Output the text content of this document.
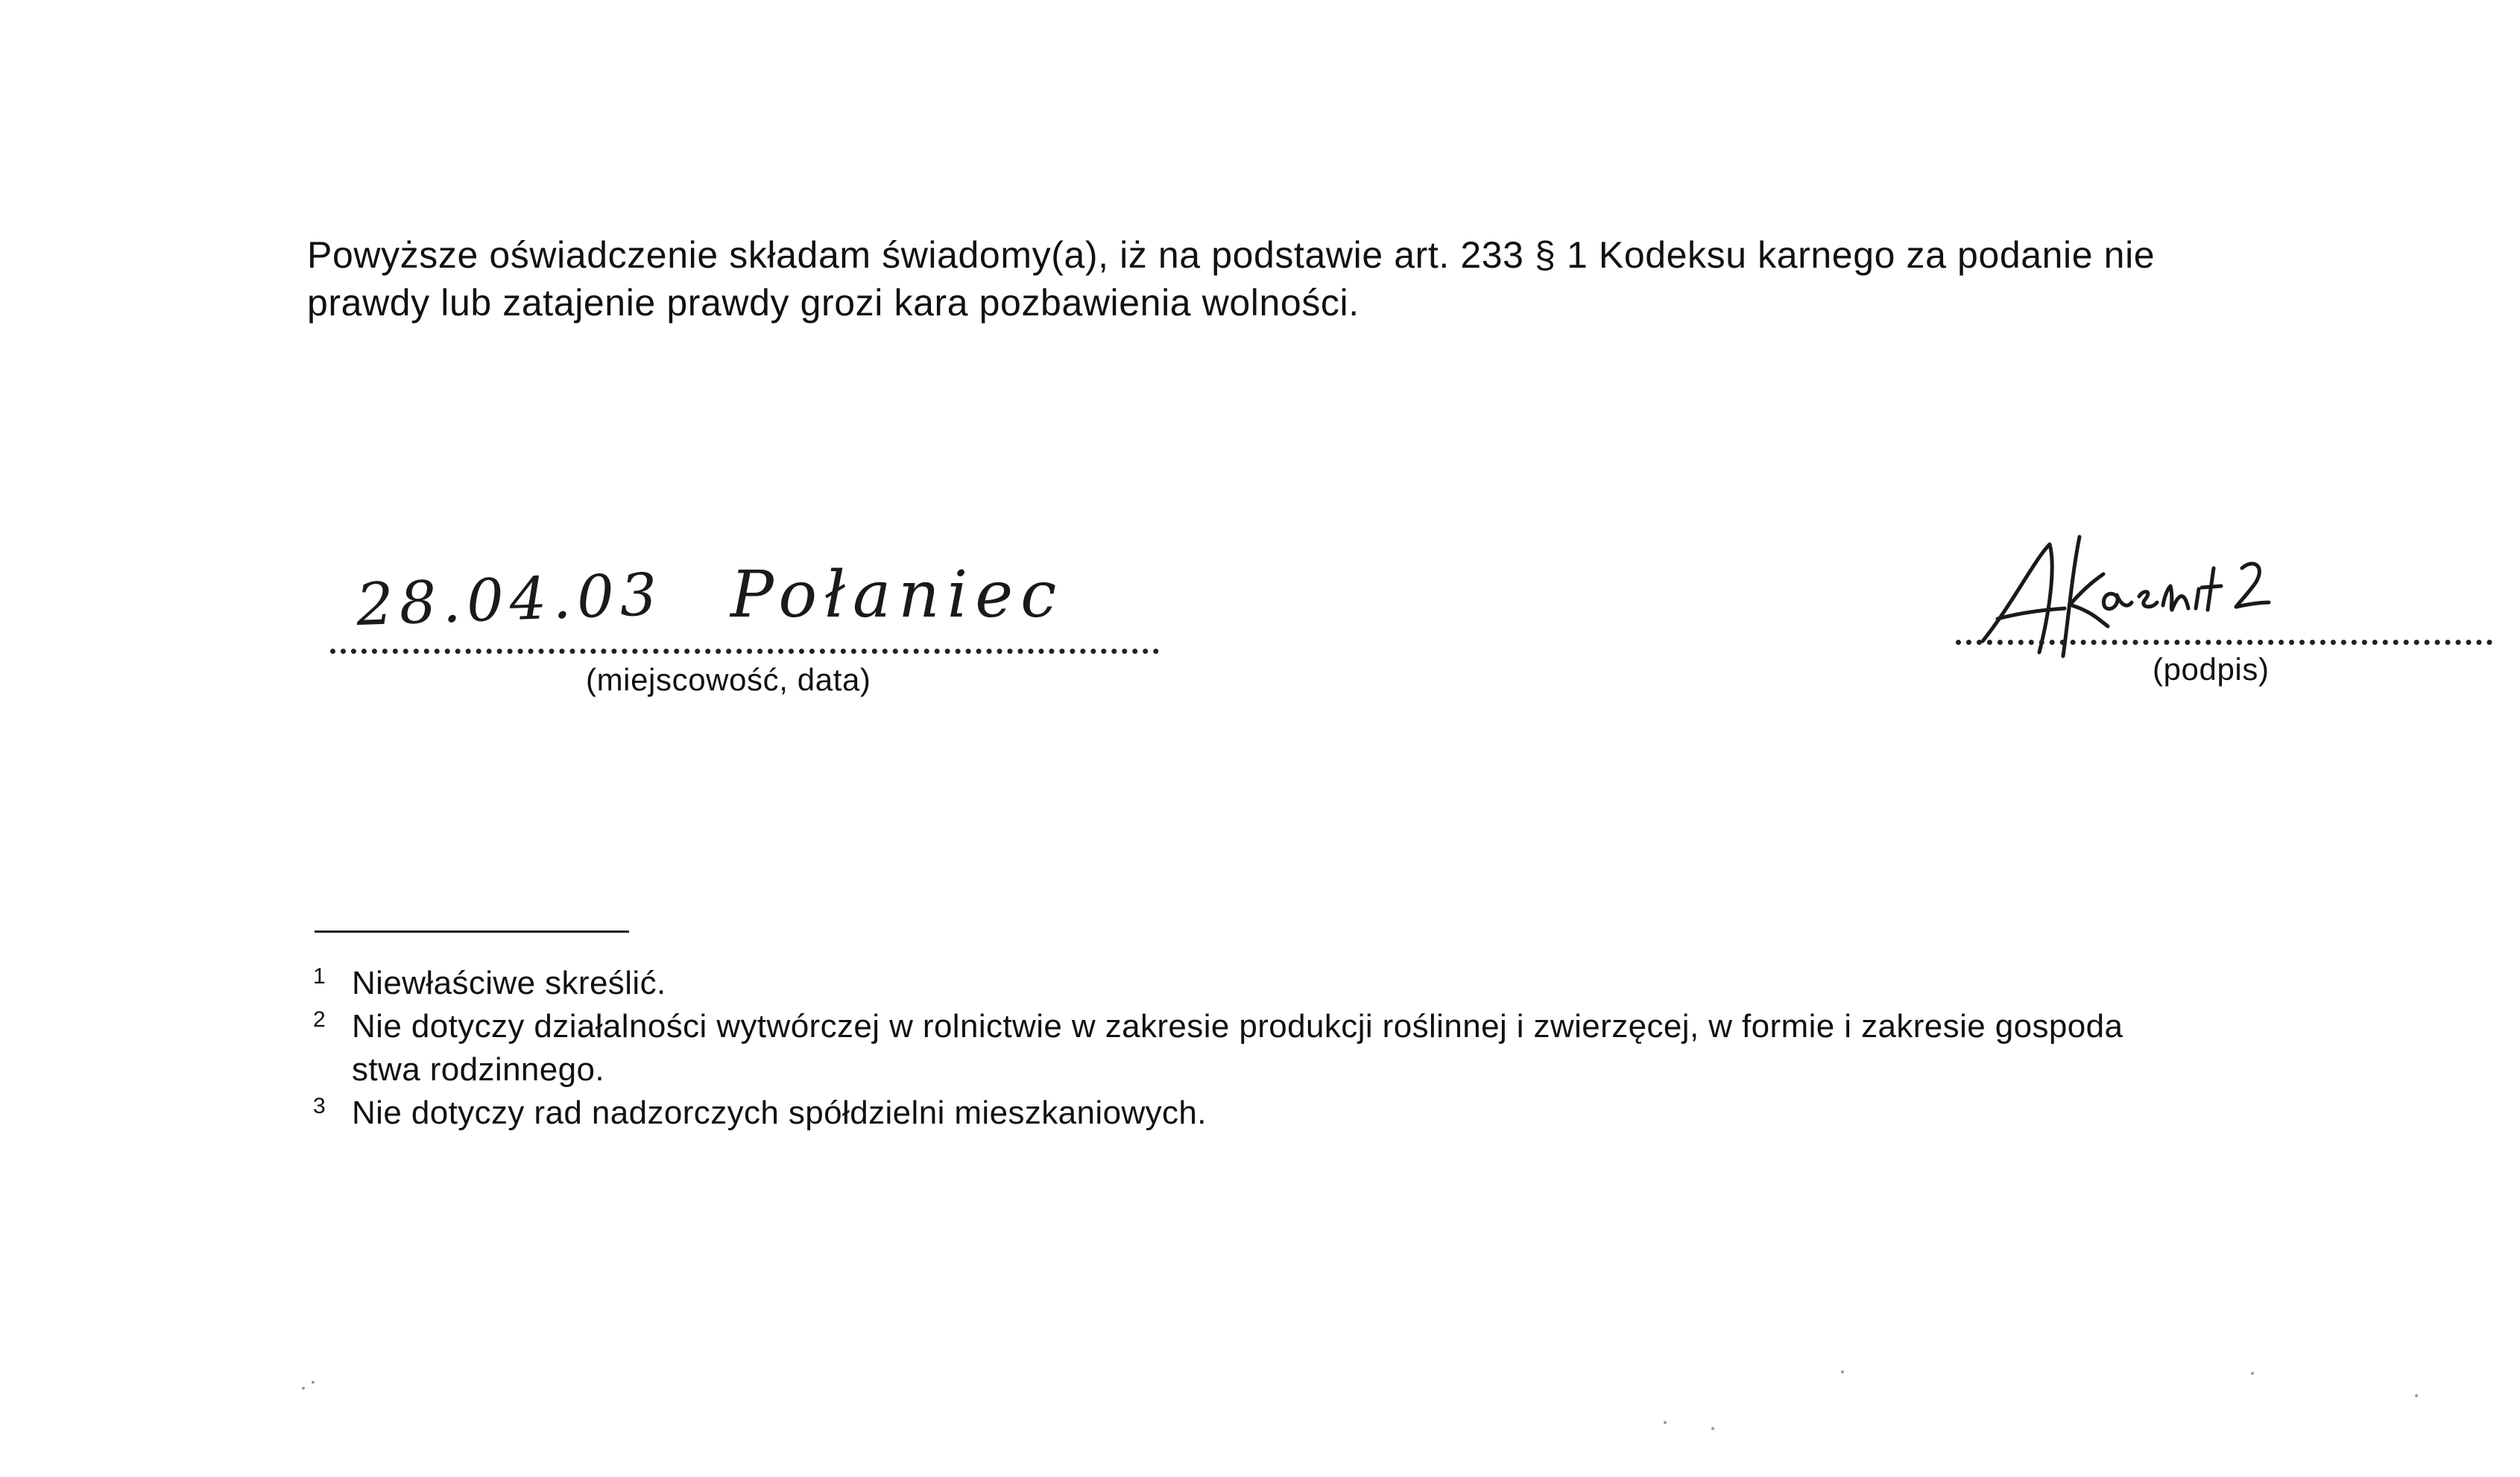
Powyższe oświadczenie składam świadomy(a), iż na podstawie art. 233 § 1 Kodeksu karnego za podanie nie
prawdy lub zatajenie prawdy grozi kara pozbawienia wolności.
28.04.03 Połaniec
(miejscowość, data)	(podpis)
1 Niewłaściwe skreślić.
2 Nie dotyczy działalności wytwórczej w rolnictwie w zakresie produkcji roślinnej i zwierzęcej, w formie i zakresie gospoda
stwa rodzinnego.
3 Nie dotyczy rad nadzorczych spółdzielni mieszkaniowych.
